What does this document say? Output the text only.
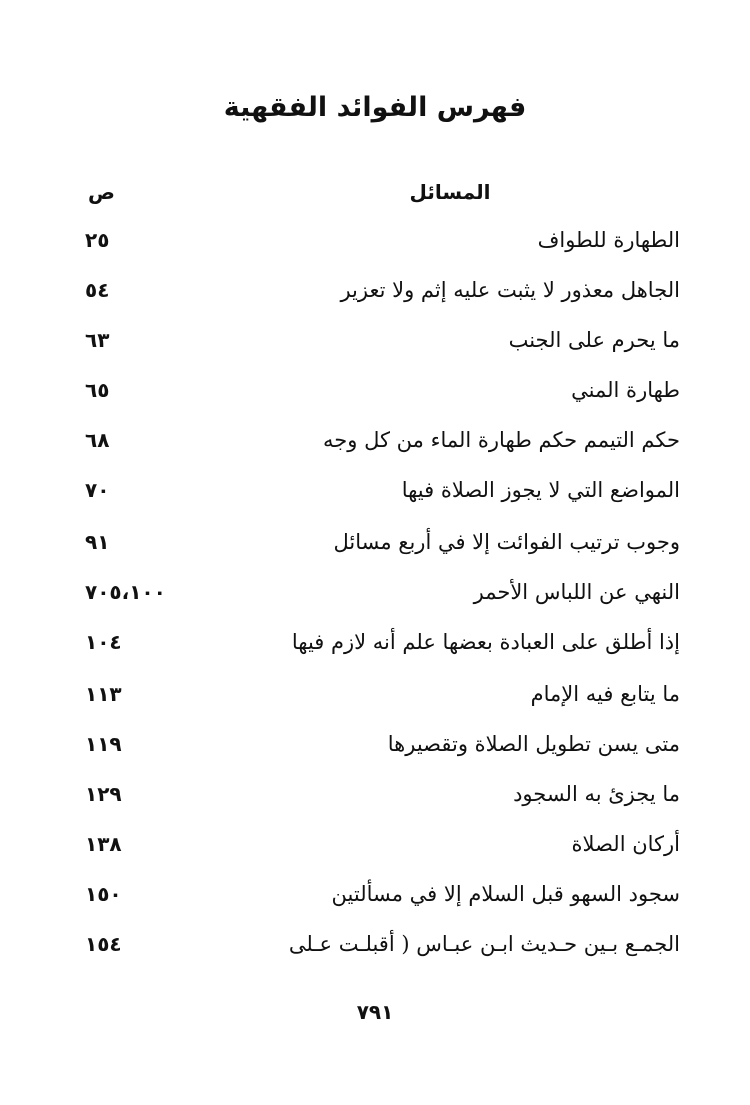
فهرس الفوائد الفقهية
المسائل
ص
الطهارة للطواف
٢٥
الجاهل معذور لا يثبت عليه إثم ولا تعزير
٥٤
ما يحرم على الجنب
٦٣
طهارة المني
٦٥
حكم التيمم حكم طهارة الماء من كل وجه
٦٨
المواضع التي لا يجوز الصلاة فيها
٧٠
وجوب ترتيب الفوائت إلا في أربع مسائل
٩١
النهي عن اللباس الأحمر
٧٠٥،١٠٠
إذا أطلق على العبادة بعضها علم أنه لازم فيها
١٠٤
ما يتابع فيه الإمام
١١٣
متى يسن تطويل الصلاة وتقصيرها
١١٩
ما يجزئ به السجود
١٢٩
أركان الصلاة
١٣٨
سجود السهو قبل السلام إلا في مسألتين
١٥٠
الجمـع بـين حـديث ابـن عبـاس ( أقبلـت عـلى
١٥٤
٧٩١
